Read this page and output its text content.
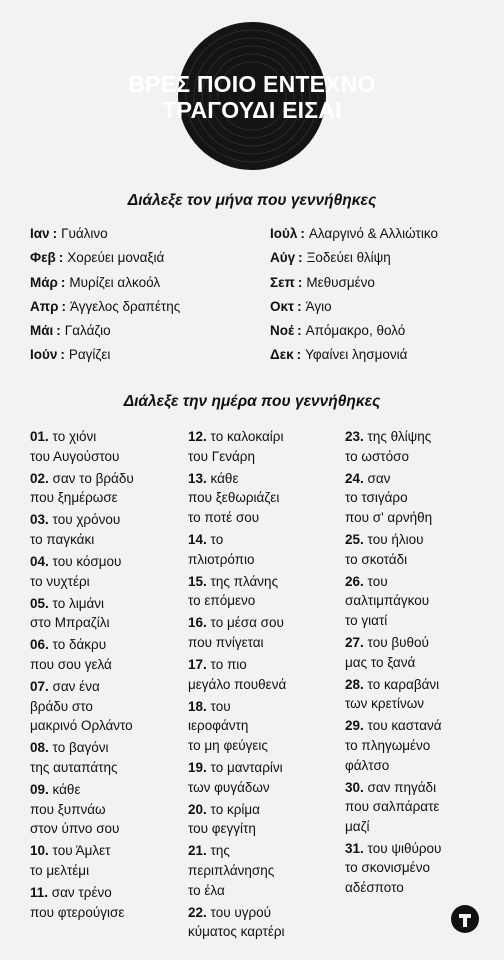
ΒΡΕΣ ΠΟΙΟ ΕΝΤΕΧΝΟ
ΤΡΑΓΟΥΔΙ ΕΙΣΑΙ
Διάλεξε τον μήνα που γεννήθηκες
Ιαν : Γυάλινο
Φεβ : Χορεύει μοναξιά
Μάρ : Μυρίζει αλκοόλ
Απρ : Άγγελος δραπέτης
Μάι : Γαλάζιο
Ιούν : Ραγίζει
Ιούλ : Αλαργινό & Αλλιώτικο
Αύγ : Ξοδεύει θλίψη
Σεπ : Μεθυσμένο
Οκτ : Άγιο
Νοέ : Απόμακρο, θολό
Δεκ : Υφαίνει λησμονιά
Διάλεξε την ημέρα που γεννήθηκες
01. το χιόνι
του Αυγούστου
02. σαν το βράδυ
που ξημέρωσε
03. του χρόνου
το παγκάκι
04. του κόσμου
το νυχτέρι
05. το λιμάνι
στο Μπραζίλι
06. το δάκρυ
που σου γελά
07. σαν ένα
βράδυ στο
μακρινό Ορλάντο
08. το βαγόνι
της αυταπάτης
09. κάθε
που ξυπνάω
στον ύπνο σου
10. του Άμλετ
το μελτέμι
11. σαν τρένο
που φτερούγισε
12. το καλοκαίρι
του Γενάρη
13. κάθε
που ξεθωριάζει
το ποτέ σου
14. το
πλιοτρόπιο
15. της πλάνης
το επόμενο
16. το μέσα σου
που πνίγεται
17. το πιο
μεγάλο πουθενά
18. του
ιεροφάντη
το μη φεύγεις
19. το μανταρίνι
των φυγάδων
20. το κρίμα
του φεγγίτη
21. της
περιπλάνησης
το έλα
22. του υγρού
κύματος καρτέρι
23. της θλίψης
το ωστόσο
24. σαν
το τσιγάρο
που σ' αρνήθη
25. του ήλιου
το σκοτάδι
26. του
σαλτιμπάγκου
το γιατί
27. του βυθού
μας το ξανά
28. το καραβάνι
των κρετίνων
29. του καστανά
το πληγωμένο
φάλτσο
30. σαν πηγάδι
που σαλπάρατε
μαζί
31. του ψιθύρου
το σκονισμένο
αδέσποτο
